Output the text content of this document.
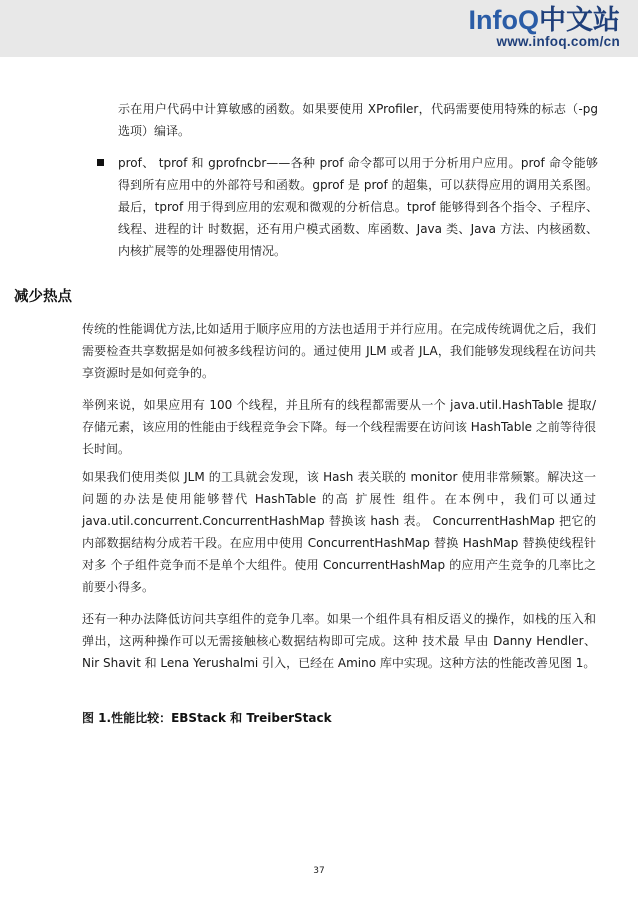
InfoQ中文站
www.infoq.com/cn
示在用户代码中计算敏感的函数。如果要使用 XProfiler，代码需要使用特殊的标志（-pg 选项）编译。
prof、 tprof 和 gprofncbr——各种 prof 命令都可以用于分析用户应用。prof 命令能够得到所有应用中的外部符号和函数。gprof 是 prof 的超集，可以获得应用的调用关系图。最后，tprof 用于得到应用的宏观和微观的分析信息。tprof 能够得到各个指令、子程序、线程、进程的计 时数据，还有用户模式函数、库函数、Java 类、Java 方法、内核函数、内核扩展等的处理器使用情况。
减少热点
传统的性能调优方法,比如适用于顺序应用的方法也适用于并行应用。在完成传统调优之后，我们需要检查共享数据是如何被多线程访问的。通过使用 JLM 或者 JLA，我们能够发现线程在访问共享资源时是如何竞争的。
举例来说，如果应用有 100 个线程，并且所有的线程都需要从一个 java.util.HashTable 提取/存储元素，该应用的性能由于线程竞争会下降。每一个线程需要在访问该 HashTable 之前等待很长时间。
如果我们使用类似 JLM 的工具就会发现，该 Hash 表关联的 monitor 使用非常频繁。解决这一问题的办法是使用能够替代 HashTable 的高 扩展性 组件。在本例中，我们可以通过 java.util.concurrent.ConcurrentHashMap 替换该 hash 表。 ConcurrentHashMap 把它的内部数据结构分成若干段。在应用中使用 ConcurrentHashMap 替换 HashMap 替换使线程针对多 个子组件竞争而不是单个大组件。使用 ConcurrentHashMap 的应用产生竞争的几率比之前要小得多。
还有一种办法降低访问共享组件的竞争几率。如果一个组件具有相反语义的操作，如栈的压入和弹出，这两种操作可以无需接触核心数据结构即可完成。这种 技术最 早由 Danny Hendler、Nir Shavit 和 Lena Yerushalmi 引入，已经在 Amino 库中实现。这种方法的性能改善见图 1。
图 1.性能比较：EBStack 和 TreiberStack
37
